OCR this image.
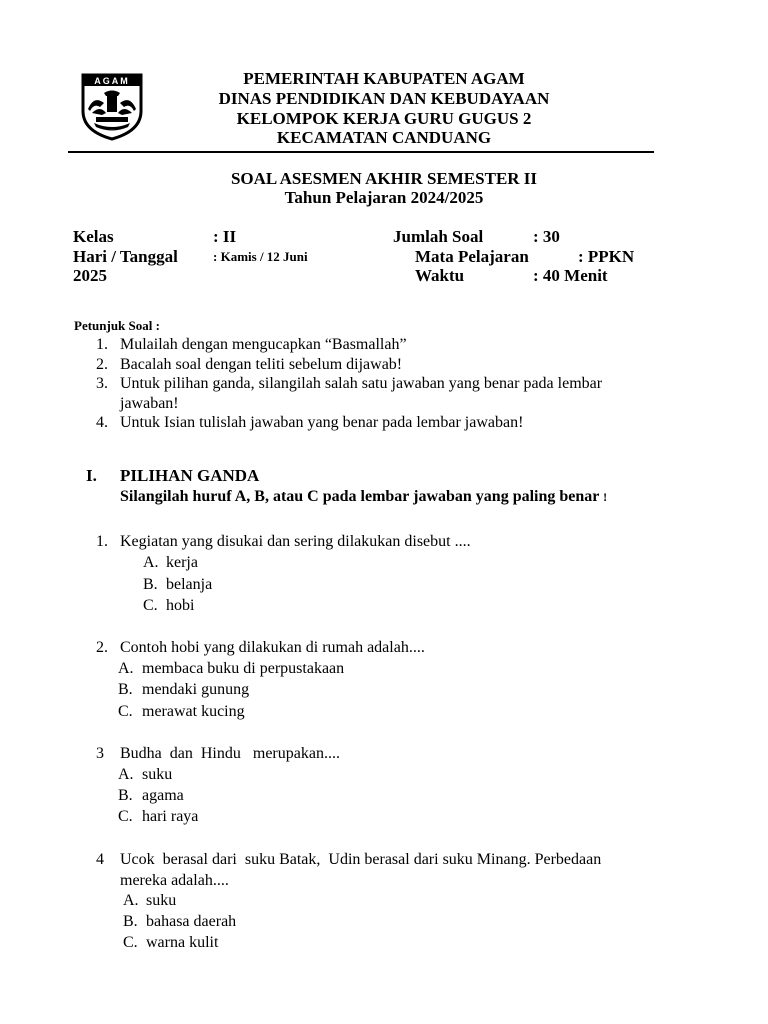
AGAM
·····
PEMERINTAH KABUPATEN AGAM
DINAS PENDIDIKAN DAN KEBUDAYAAN
KELOMPOK KERJA GURU GUGUS 2
KECAMATAN CANDUANG
SOAL ASESMEN AKHIR SEMESTER II
Tahun Pelajaran 2024/2025
Kelas	: II	Jumlah Soal	: 30
Hari / Tanggal	: Kamis / 12 Juni	Mata Pelajaran	: PPKN
2025	Waktu	: 40 Menit
Petunjuk Soal :
1. Mulailah dengan mengucapkan “Basmallah”
2. Bacalah soal dengan teliti sebelum dijawab!
3. Untuk pilihan ganda, silangilah salah satu jawaban yang benar pada lembar
jawaban!
4. Untuk Isian tulislah jawaban yang benar pada lembar jawaban!
I. PILIHAN GANDA
Silangilah huruf A, B, atau C pada lembar jawaban yang paling benar !
1. Kegiatan yang disukai dan sering dilakukan disebut ....
A. kerja
B. belanja
C. hobi
2. Contoh hobi yang dilakukan di rumah adalah....
A. membaca buku di perpustakaan
B. mendaki gunung
C. merawat kucing
3 Budha  dan  Hindu   merupakan....
A. suku
B. agama
C. hari raya
4 Ucok  berasal dari  suku Batak,  Udin berasal dari suku Minang. Perbedaan
mereka adalah....
A. suku
B. bahasa daerah
C. warna kulit
